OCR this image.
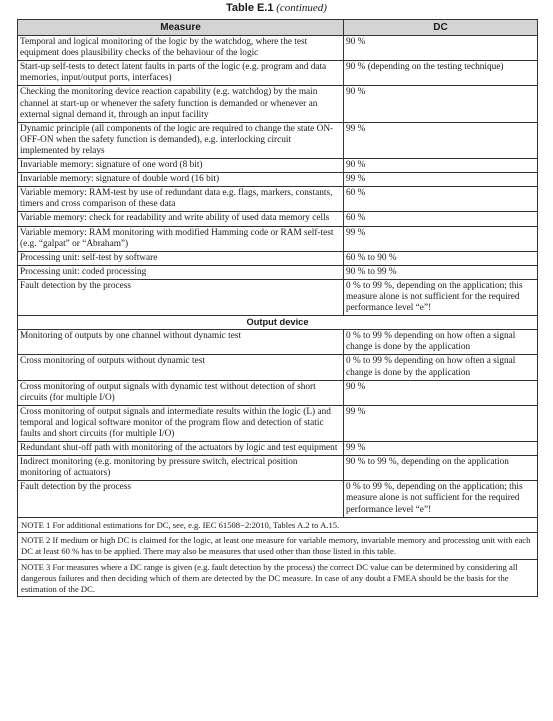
Table E.1 (continued)
Measure	DC
Temporal and logical monitoring of the logic by the watchdog, where the test equipment does plausibility checks of the behaviour of the logic	90 %
Start-up self-tests to detect latent faults in parts of the logic (e.g. program and data memories, input/output ports, interfaces)	90 % (depending on the testing technique)
Checking the monitoring device reaction capability (e.g. watchdog) by the main channel at start-up or whenever the safety function is demanded or whenever an external signal demand it, through an input facility	90 %
Dynamic principle (all components of the logic are required to change the state ON-OFF-ON when the safety function is demanded), e.g. interlocking circuit implemented by relays	99 %
Invariable memory: signature of one word (8 bit)	90 %
Invariable memory: signature of double word (16 bit)	99 %
Variable memory: RAM-test by use of redundant data e.g. flags, markers, constants, timers and cross comparison of these data	60 %
Variable memory: check for readability and write ability of used data memory cells	60 %
Variable memory: RAM monitoring with modified Hamming code or RAM self-test (e.g. “galpat” or “Abraham”)	99 %
Processing unit: self-test by software	60 % to 90 %
Processing unit: coded processing	90 % to 99 %
Fault detection by the process	0 % to 99 %, depending on the application; this measure alone is not sufficient for the required performance level “e”!
Output device	
Monitoring of outputs by one channel without dynamic test	0 % to 99 % depending on how often a signal change is done by the application
Cross monitoring of outputs without dynamic test	0 % to 99 % depending on how often a signal change is done by the application
Cross monitoring of output signals with dynamic test without detection of short circuits (for multiple I/O)	90 %
Cross monitoring of output signals and intermediate results within the logic (L) and temporal and logical software monitor of the program flow and detection of static faults and short circuits (for multiple I/O)	99 %
Redundant shut-off path with monitoring of the actuators by logic and test equipment	99 %
Indirect monitoring (e.g. monitoring by pressure switch, electrical position monitoring of actuators)	90 % to 99 %, depending on the application
Fault detection by the process	0 % to 99 %, depending on the application; this measure alone is not sufficient for the required performance level “e”!
NOTE 1 For additional estimations for DC, see, e.g. IEC 61508−2:2010, Tables A.2 to A.15.	
NOTE 2 If medium or high DC is claimed for the logic, at least one measure for variable memory, invariable memory and processing unit with each DC at least 60 % has to be applied. There may also be measures that used other than those listed in this table.	
NOTE 3 For measures where a DC range is given (e.g. fault detection by the process) the correct DC value can be determined by considering all dangerous failures and then deciding which of them are detected by the DC measure. In case of any doubt a FMEA should be the basis for the estimation of the DC.	
